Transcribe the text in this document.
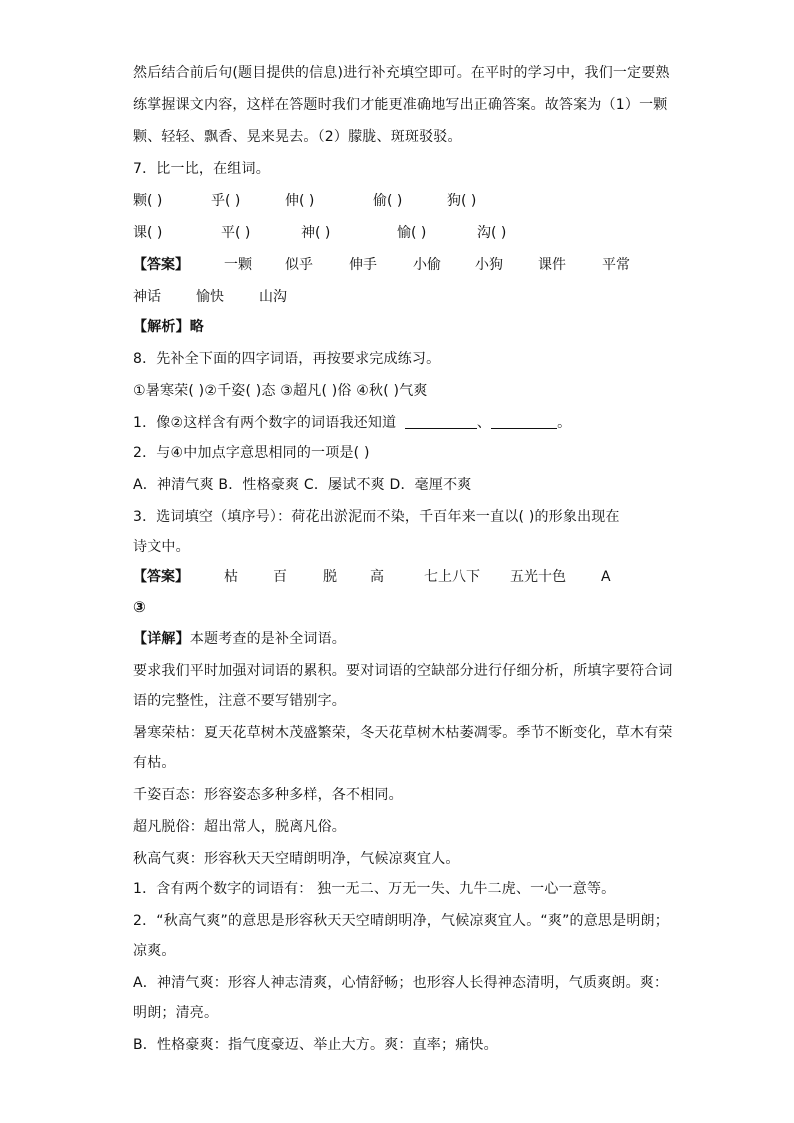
然后结合前后句(题目提供的信息)进行补充填空即可。在平时的学习中，我们一定要熟
练掌握课文内容，这样在答题时我们才能更准确地写出正确答案。故答案为（1）一颗
颗、轻轻、飘香、晃来晃去。（2）朦胧、斑斑驳驳。
7．比一比，在组词。
颗( )	乎( )	伸( )	偷( )	狗( )
课( )	平( )	神( )	愉( )	沟( )
【答案】	一颗 似乎	伸手	小偷 小狗	课件	平常
神话	愉快	山沟
【解析】略
8．先补全下面的四字词语，再按要求完成练习。
①暑寒荣( )②千姿( )态 ③超凡( )俗 ④秋( )气爽
1．像②这样含有两个数字的词语我还知道	、	。
2．与④中加点字意思相同的一项是( )
A．神清气爽 B．性格豪爽 C．屡试不爽 D．毫厘不爽
3．选词填空（填序号）：荷花出淤泥而不染，千百年来一直以( )的形象出现在
诗文中。
【答案】	枯	百	脱 高	七上八下 五光十色	A
③
【详解】本题考查的是补全词语。
要求我们平时加强对词语的累积。要对词语的空缺部分进行仔细分析，所填字要符合词
语的完整性，注意不要写错别字。
暑寒荣枯：夏天花草树木茂盛繁荣，冬天花草树木枯萎凋零。季节不断变化，草木有荣
有枯。
千姿百态：形容姿态多种多样，各不相同。
超凡脱俗：超出常人，脱离凡俗。
秋高气爽：形容秋天天空晴朗明净，气候凉爽宜人。
1．含有两个数字的词语有： 独一无二、万无一失、九牛二虎、一心一意等。
2．“秋高气爽”的意思是形容秋天天空晴朗明净，气候凉爽宜人。“爽”的意思是明朗；
凉爽。
A．神清气爽：形容人神志清爽，心情舒畅；也形容人长得神态清明，气质爽朗。爽：
明朗；清亮。
B．性格豪爽：指气度豪迈、举止大方。爽：直率；痛快。
